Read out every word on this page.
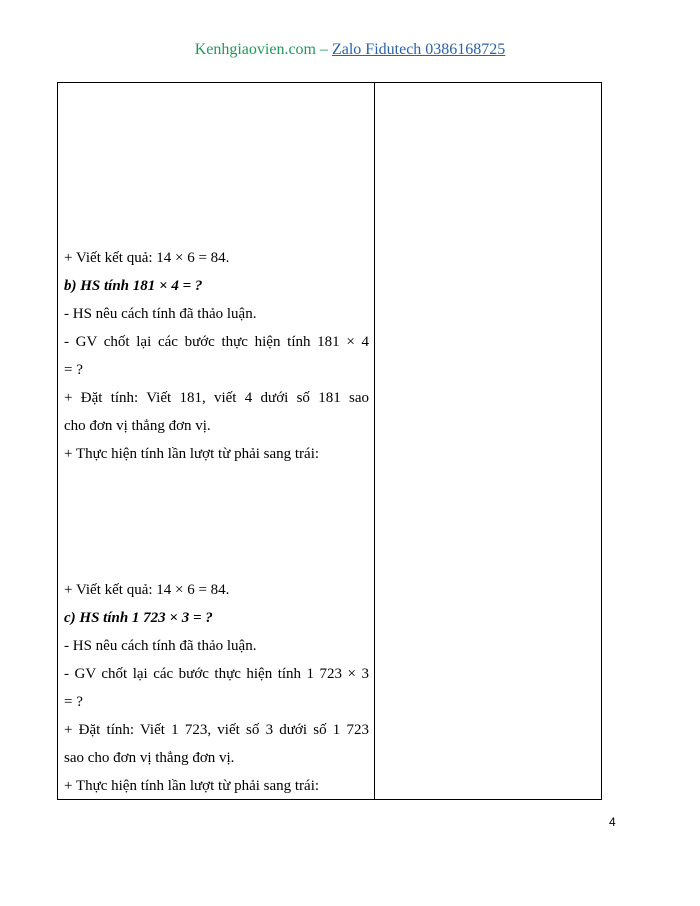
Kenhgiaovien.com – Zalo Fidutech 0386168725
+ Viết kết quả: 14 × 6 = 84.
b) HS tính 181 × 4 = ?
- HS nêu cách tính đã thảo luận.
- GV chốt lại các bước thực hiện tính 181 × 4
= ?
+ Đặt tính: Viết 181, viết 4 dưới số 181 sao
cho đơn vị thẳng đơn vị.
+ Thực hiện tính lần lượt từ phải sang trái:
+ Viết kết quả: 14 × 6 = 84.
c) HS tính 1 723 × 3 = ?
- HS nêu cách tính đã thảo luận.
- GV chốt lại các bước thực hiện tính 1 723 × 3
= ?
+ Đặt tính: Viết 1 723, viết số 3 dưới số 1 723
sao cho đơn vị thẳng đơn vị.
+ Thực hiện tính lần lượt từ phải sang trái:
4
